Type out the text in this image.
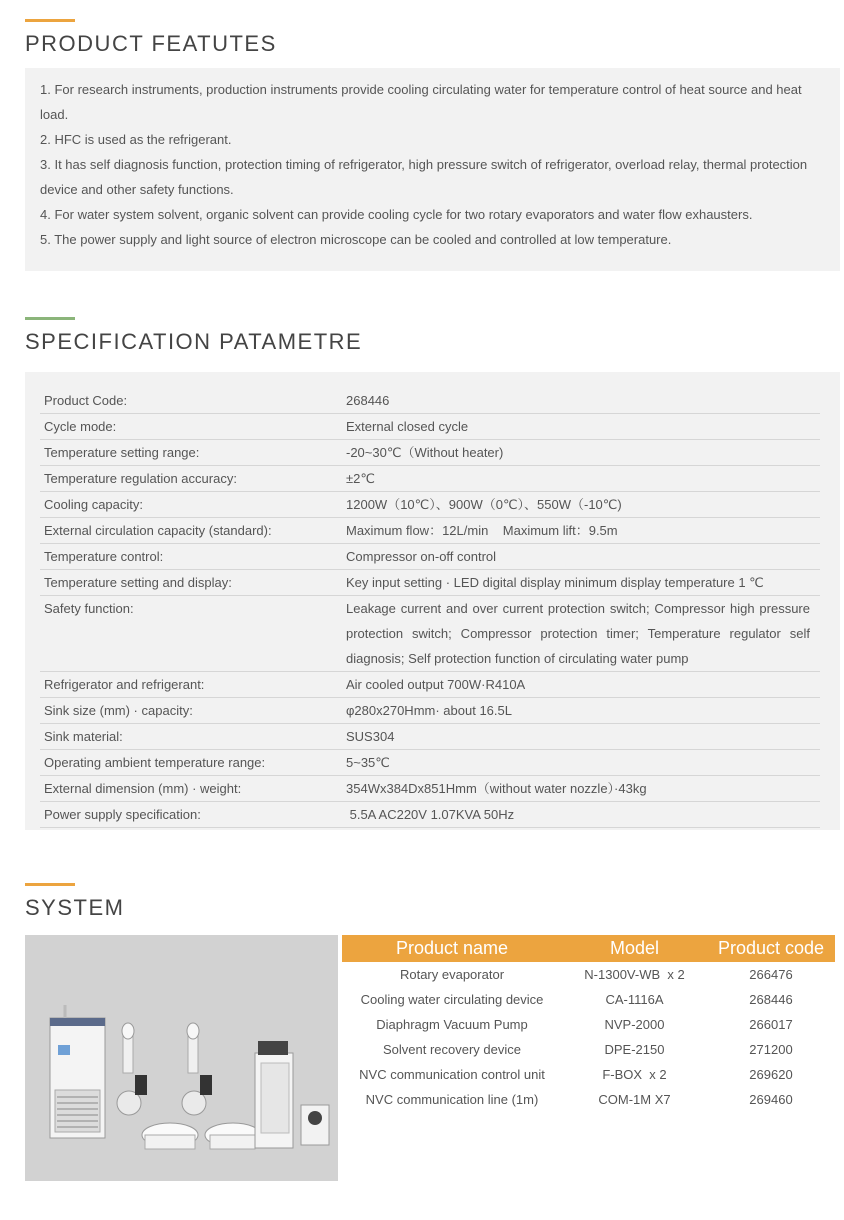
PRODUCT FEATUTES

1. For research instruments, production instruments provide cooling circulating water for temperature control of heat source and heat load.

2. HFC is used as the refrigerant.

3. It has self diagnosis function, protection timing of refrigerator, high pressure switch of refrigerator, overload relay, thermal protection device and other safety functions.

4. For water system solvent, organic solvent can provide cooling cycle for two rotary evaporators and water flow exhausters.

5. The power supply and light source of electron microscope can be cooled and controlled at low temperature.

SPECIFICATION PATAMETRE
Product Code:	268446
Cycle mode:	External closed cycle
Temperature setting range:	-20~30℃（Without heater)
Temperature regulation accuracy:	±2℃
Cooling capacity:	1200W（10℃）、900W（0℃）、550W（-10℃)
External circulation capacity (standard):	Maximum flow：12L/min    Maximum lift：9.5m
Temperature control:	Compressor on-off control
Temperature setting and display:	Key input setting · LED digital display minimum display temperature 1 ℃
Safety function:	Leakage current and over current protection switch; Compressor high pressure protection switch; Compressor protection timer; Temperature regulator self diagnosis; Self protection function of circulating water pump
Refrigerator and refrigerant:	Air cooled output 700W·R410A
Sink size (mm) · capacity:	φ280x270Hmm· about 16.5L
Sink material:	SUS304
Operating ambient temperature range:	5~35℃
External dimension (mm) · weight:	354Wx384Dx851Hmm（without water nozzle）·43kg
Power supply specification:	5.5A AC220V 1.07KVA 50Hz
SYSTEM
Product name	Model	Product code
Rotary evaporator	N-1300V-WB  x 2	266476
Cooling water circulating device	CA-1116A	268446
Diaphragm Vacuum Pump	NVP-2000	266017
Solvent recovery device	DPE-2150	271200
NVC communication control unit	F-BOX  x 2	269620
NVC communication line (1m)	COM-1M X7	269460
